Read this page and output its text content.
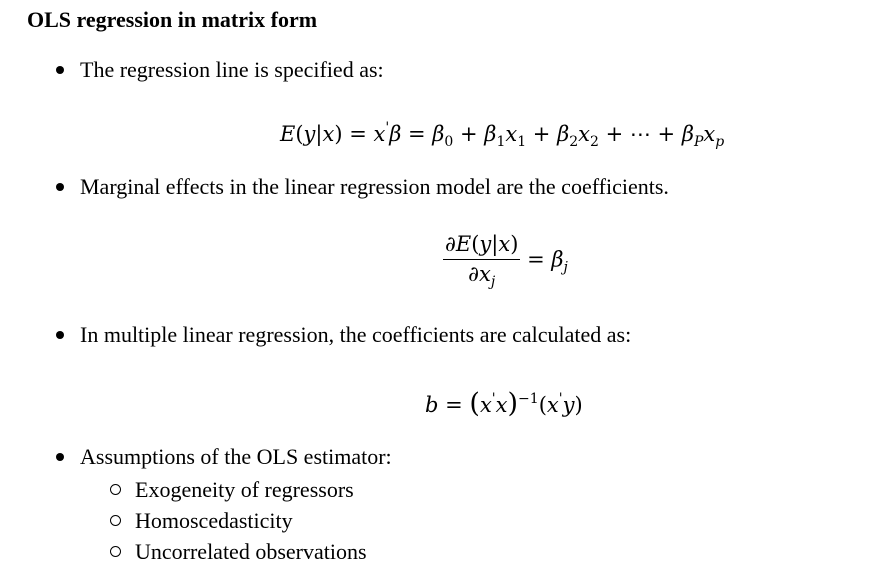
OLS regression in matrix form
The regression line is specified as:
$E(y|x) = x'\beta = \beta_0 + \beta_1x_1 + \beta_2x_2$ + ⋯ + $\beta_Px_p$
Marginal effects in the linear regression model are the coefficients.
$\frac{\partial E(y|x)}{\partial x_j} = \beta_j$
In multiple linear regression, the coefficients are calculated as:
$b = (x'x)^{-1}(x'y)$
Assumptions of the OLS estimator:
Exogeneity of regressors
Homoscedasticity
Uncorrelated observations
